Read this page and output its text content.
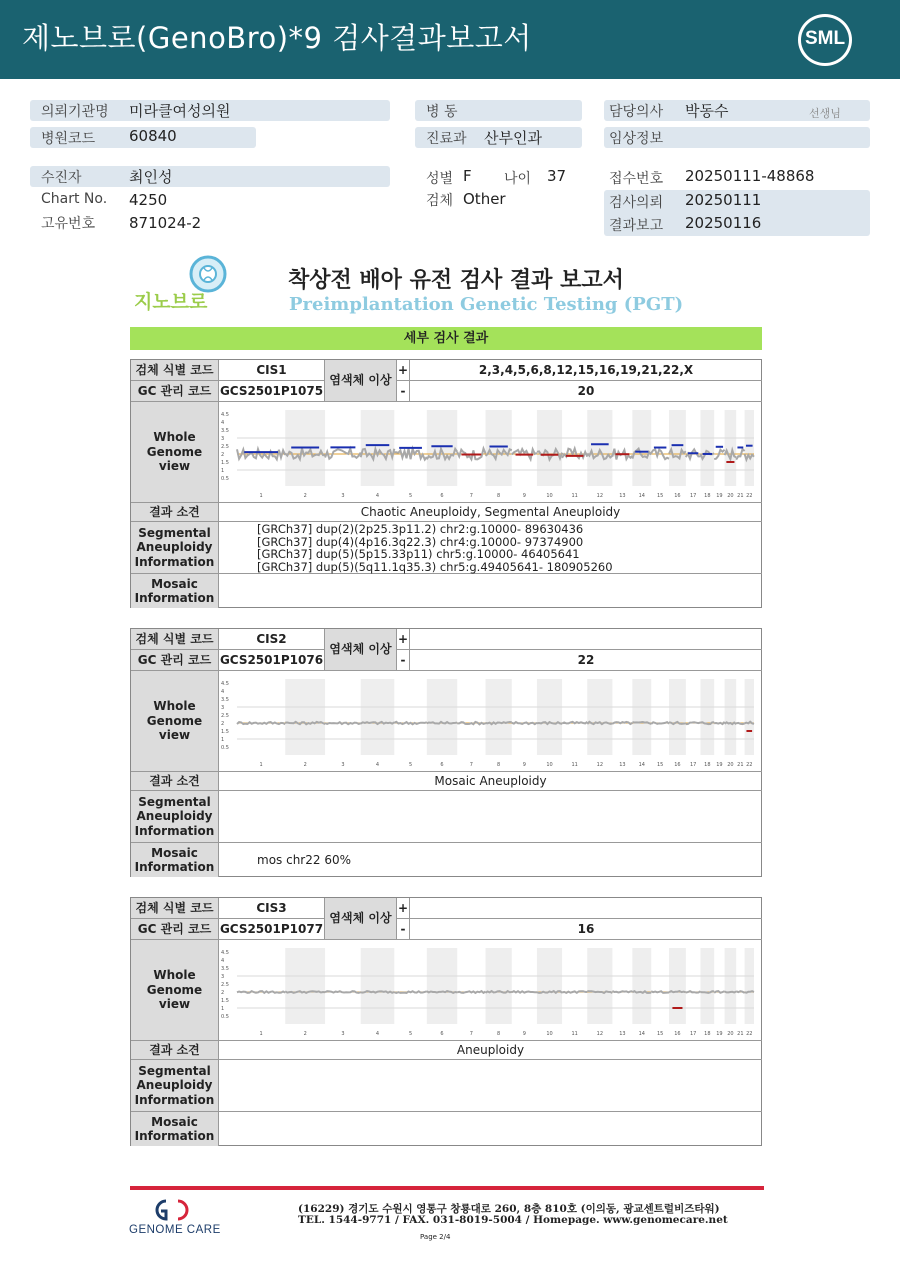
제노브로(GenoBro)*9 검사결과보고서	SML
의뢰기관명 미라클여성의원
병원코드 60840
병 동
진료과 산부인과
담당의사 박동수	선생님
임상정보
수진자	최인성
Chart No. 4250
고유번호 871024-2
성별 F 나이 37
검체 Other
접수번호 20250111-48868
검사의뢰 20250111
결과보고 20250116
지노브로
착상전 배아 유전 검사 결과 보고서
Preimplantation Genetic Testing (PGT)
세부 검사 결과
검체 식별 코드	CIS1
염색체 이상
+	2,3,4,5,6,8,12,15,16,19,21,22,X
GC 관리 코드 GCS2501P1075	-	20
Whole Genome view
4.5
4
3.5
3
2.5
2
1.5
1
0.5
1	2	3	4	5	6	7	8	9	10	11	12	13	14 15 16 17 18 19 20 21 22
결과 소견	Chaotic Aneuploidy, Segmental Aneuploidy
Segmental Aneuploidy Information
[GRCh37] dup(2)(2p25.3p11.2) chr2:g.10000- 89630436
[GRCh37] dup(4)(4p16.3q22.3) chr4:g.10000- 97374900
[GRCh37] dup(5)(5p15.33p11) chr5:g.10000- 46405641
[GRCh37] dup(5)(5q11.1q35.3) chr5:g.49405641- 180905260
Mosaic Information
검체 식별 코드	CIS2
염색체 이상
+
GC 관리 코드 GCS2501P1076	-	22
Whole Genome view
4.5
4
3.5
3
2.5
2
1.5
1
0.5
1	2	3	4	5	6	7	8	9	10	11	12	13	14 15 16 17 18 19 20 21 22
결과 소견	Mosaic Aneuploidy
Segmental Aneuploidy Information
Mosaic Information
mos chr22 60%
검체 식별 코드	CIS3
염색체 이상
+
GC 관리 코드 GCS2501P1077	-	16
Whole Genome view
4.5
4
3.5
3
2.5
2
1.5
1
0.5
1	2	3	4	5	6	7	8	9	10	11	12	13	14 15 16 17 18 19 20 21 22
결과 소견	Aneuploidy
Segmental Aneuploidy Information
Mosaic Information
GENOME CARE
(16229) 경기도 수원시 영통구 창룡대로 260, 8층 810호 (이의동, 광교센트럴비즈타워)
TEL. 1544-9771 / FAX. 031-8019-5004 / Homepage. www.genomecare.net
Page 2/4
